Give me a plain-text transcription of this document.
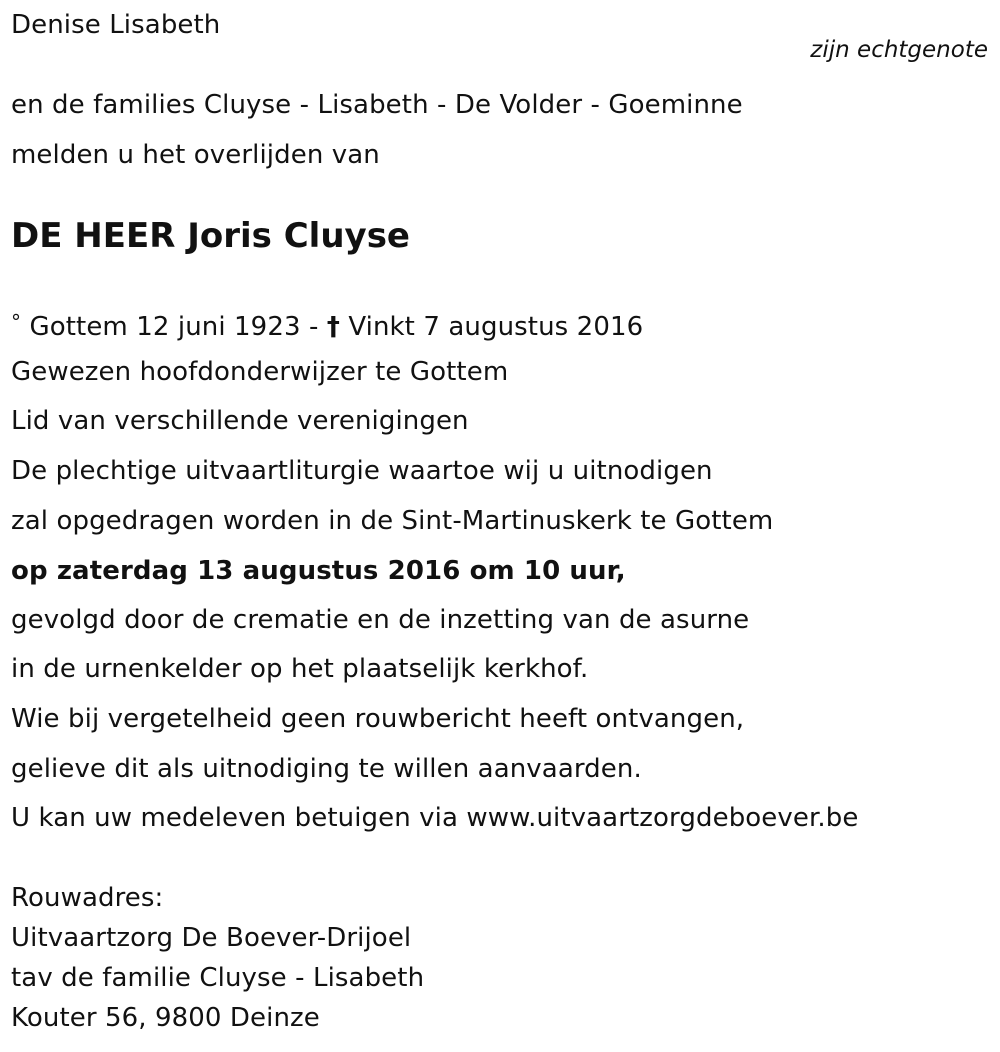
Denise Lisabeth
zijn echtgenote
en de families Cluyse - Lisabeth - De Volder - Goeminne
melden u het overlijden van
DE HEER Joris Cluyse
° Gottem 12 juni 1923 - † Vinkt 7 augustus 2016
Gewezen hoofdonderwijzer te Gottem
Lid van verschillende verenigingen
De plechtige uitvaartliturgie waartoe wij u uitnodigen
zal opgedragen worden in de Sint-Martinuskerk te Gottem
op zaterdag 13 augustus 2016 om 10 uur,
gevolgd door de crematie en de inzetting van de asurne
in de urnenkelder op het plaatselijk kerkhof.
Wie bij vergetelheid geen rouwbericht heeft ontvangen,
gelieve dit als uitnodiging te willen aanvaarden.
U kan uw medeleven betuigen via www.uitvaartzorgdeboever.be
Rouwadres:
Uitvaartzorg De Boever-Drijoel
tav de familie Cluyse - Lisabeth
Kouter 56, 9800 Deinze
